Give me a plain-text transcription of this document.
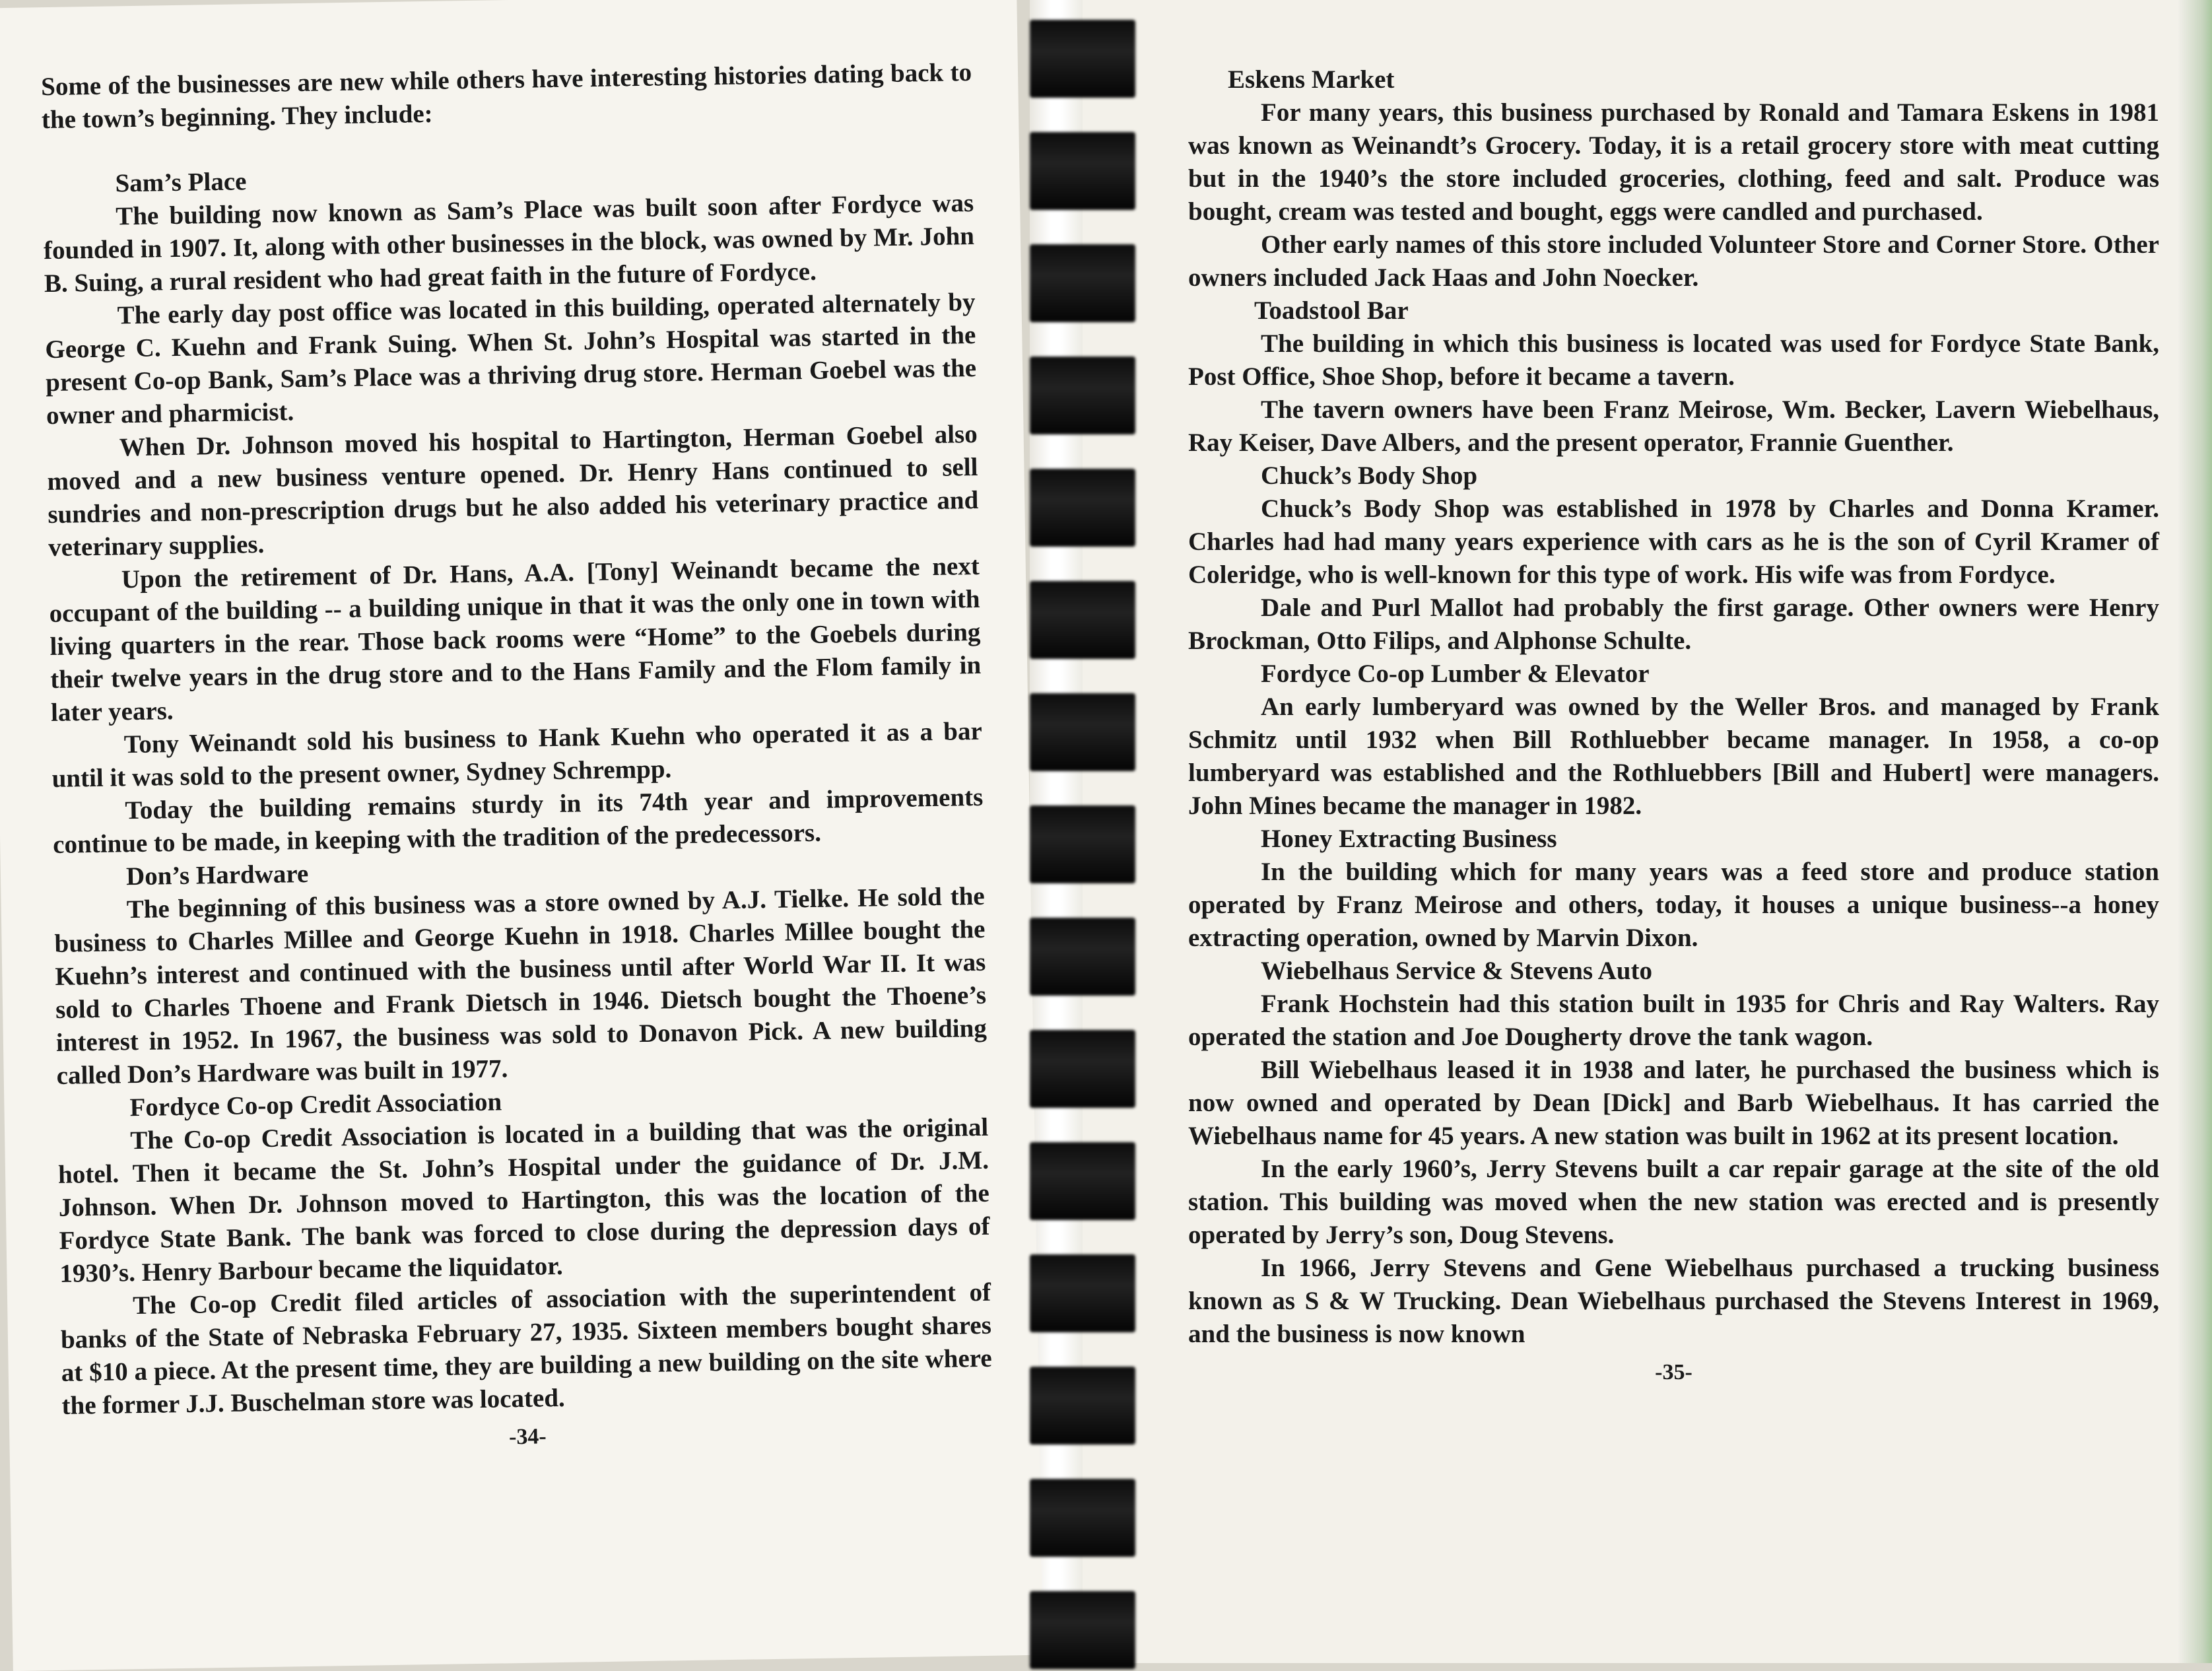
Some of the businesses are new while others have interesting histories dating back to the town’s beginning. They include:

Sam’s Place

The building now known as Sam’s Place was built soon after Fordyce was founded in 1907. It, along with other businesses in the block, was owned by Mr. John B. Suing, a rural resident who had great faith in the future of Fordyce.

The early day post office was located in this building, operated alternately by George C. Kuehn and Frank Suing. When St. John’s Hospital was started in the present Co-op Bank, Sam’s Place was a thriving drug store. Herman Goebel was the owner and pharmicist.

When Dr. Johnson moved his hospital to Hartington, Herman Goebel also moved and a new business venture opened. Dr. Henry Hans continued to sell sundries and non-prescription drugs but he also added his veterinary practice and veterinary supplies.

Upon the retirement of Dr. Hans, A.A. [Tony] Weinandt became the next occupant of the building -- a building unique in that it was the only one in town with living quarters in the rear. Those back rooms were “Home” to the Goebels during their twelve years in the drug store and to the Hans Family and the Flom family in later years.

Tony Weinandt sold his business to Hank Kuehn who operated it as a bar until it was sold to the present owner, Sydney Schrempp.

Today the building remains sturdy in its 74th year and improvements continue to be made, in keeping with the tradition of the predecessors.

Don’s Hardware

The beginning of this business was a store owned by A.J. Tielke. He sold the business to Charles Millee and George Kuehn in 1918. Charles Millee bought the Kuehn’s interest and continued with the business until after World War II. It was sold to Charles Thoene and Frank Dietsch in 1946. Dietsch bought the Thoene’s interest in 1952. In 1967, the business was sold to Donavon Pick. A new building called Don’s Hardware was built in 1977.

Fordyce Co-op Credit Association

The Co-op Credit Association is located in a building that was the original hotel. Then it became the St. John’s Hospital under the guidance of Dr. J.M. Johnson. When Dr. Johnson moved to Hartington, this was the location of the Fordyce State Bank. The bank was forced to close during the depression days of 1930’s. Henry Barbour became the liquidator.

The Co-op Credit filed articles of association with the superintendent of banks of the State of Nebraska February 27, 1935. Sixteen members bought shares at $10 a piece. At the present time, they are building a new building on the site where the former J.J. Buschelman store was located.

-34-

Eskens Market

For many years, this business purchased by Ronald and Tamara Eskens in 1981 was known as Weinandt’s Grocery. Today, it is a retail grocery store with meat cutting but in the 1940’s the store included groceries, clothing, feed and salt. Produce was bought, cream was tested and bought, eggs were candled and purchased.

Other early names of this store included Volunteer Store and Corner Store. Other owners included Jack Haas and John Noecker.

Toadstool Bar

The building in which this business is located was used for Fordyce State Bank, Post Office, Shoe Shop, before it became a tavern.

The tavern owners have been Franz Meirose, Wm. Becker, Lavern Wiebelhaus, Ray Keiser, Dave Albers, and the present operator, Frannie Guenther.

Chuck’s Body Shop

Chuck’s Body Shop was established in 1978 by Charles and Donna Kramer. Charles had had many years experience with cars as he is the son of Cyril Kramer of Coleridge, who is well-known for this type of work. His wife was from Fordyce.

Dale and Purl Mallot had probably the first garage. Other owners were Henry Brockman, Otto Filips, and Alphonse Schulte.

Fordyce Co-op Lumber & Elevator

An early lumberyard was owned by the Weller Bros. and managed by Frank Schmitz until 1932 when Bill Rothluebber became manager. In 1958, a co-op lumberyard was established and the Rothluebbers [Bill and Hubert] were managers. John Mines became the manager in 1982.

Honey Extracting Business

In the building which for many years was a feed store and produce station operated by Franz Meirose and others, today, it houses a unique business--a honey extracting operation, owned by Marvin Dixon.

Wiebelhaus Service & Stevens Auto

Frank Hochstein had this station built in 1935 for Chris and Ray Walters. Ray operated the station and Joe Dougherty drove the tank wagon.

Bill Wiebelhaus leased it in 1938 and later, he purchased the business which is now owned and operated by Dean [Dick] and Barb Wiebelhaus. It has carried the Wiebelhaus name for 45 years. A new station was built in 1962 at its present location.

In the early 1960’s, Jerry Stevens built a car repair garage at the site of the old station. This building was moved when the new station was erected and is presently operated by Jerry’s son, Doug Stevens.

In 1966, Jerry Stevens and Gene Wiebelhaus purchased a trucking business known as S & W Trucking. Dean Wiebelhaus purchased the Stevens Interest in 1969, and the business is now known

-35-
